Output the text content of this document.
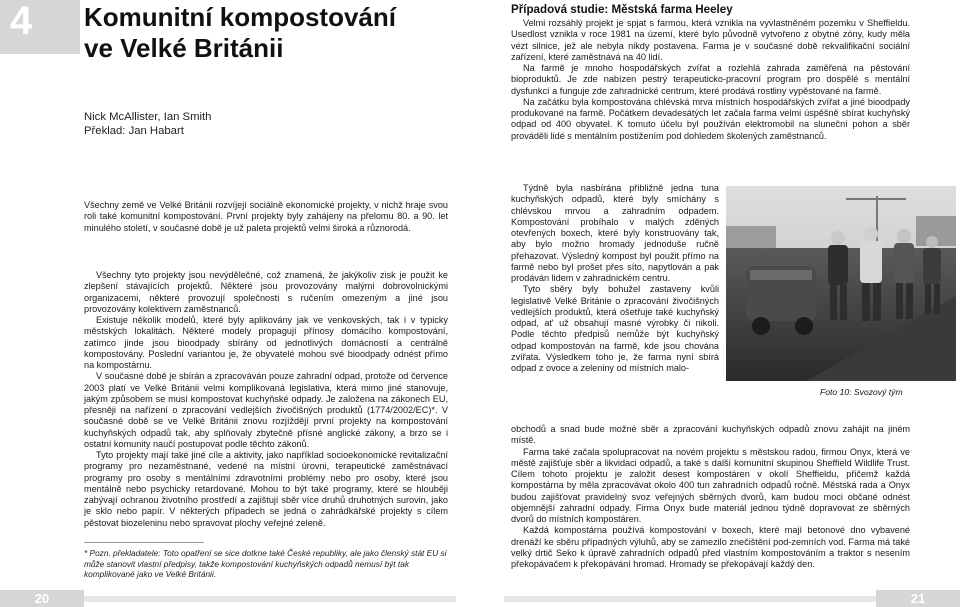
4	Komunitní kompostování
ve Velké Británii
Nick McAllister, Ian Smith
Překlad: Jan Habart

Všechny země ve Velké Británii rozvíjejí sociálně ekonomické projekty, v nichž hraje svou roli také komunitní kompostování. První projekty byly zahájeny na přelomu 80. a 90. let minulého století, v současné době je už paleta projektů velmi široká a různorodá.

Všechny tyto projekty jsou nevýdělečné, což znamená, že jakýkoliv zisk je použit ke zlepšení stávajících projektů. Některé jsou provozovány malými dobrovolnickými organizacemi, některé provozují společnosti s ručením omezeným a jiné jsou provozovány kolektivem zaměstnanců.

Existuje několik modelů, které byly aplikovány jak ve venkovských, tak i v typicky městských lokalitách. Některé modely propagují přínosy domácího kompostování, zatímco jinde jsou bioodpady sbírány od jednotlivých domácností a centrálně kompostovány. Poslední variantou je, že obyvatelé mohou své bioodpady odnést přímo na kompostárnu.

V současné době je sbírán a zpracováván pouze zahradní odpad, protože od července 2003 platí ve Velké Británii velmi komplikovaná legislativa, která mimo jiné stanovuje, jakým způsobem se musí kompostovat kuchyňské odpady. Je založena na zákonech EU, přesněji na nařízení o zpracování vedlejších živočišných produktů (1774/2002/EC)*. V současné době se ve Velké Británii znovu rozjíždějí první projekty na kompostování kuchyňských odpadů tak, aby splňovaly zbytečně přísné anglické zákony, a brzo se i ostatní komunity naučí postupovat podle těchto zákonů.

Tyto projekty mají také jiné cíle a aktivity, jako například socioekonomické revitalizační programy pro nezaměstnané, vedené na místní úrovni, terapeutické zaměstnávací programy pro osoby s mentálními zdravotními problémy nebo pro osoby, které jsou mentálně nebo psychicky retardované. Mohou to být také programy, které se hlouběji zabývají ochranou životního prostředí a zajištují sběr více druhů druhotných surovin, jako je sklo nebo papír. V některých případech se jedná o zahrádkářské projekty s cílem pěstovat biozeleninu nebo spravovat plochy veřejné zeleně.

* Pozn. překladatele: Toto opatření se sice dotkne také České republiky, ale jako členský stát EU si může stanovit vlastní předpisy, takže kompostování kuchyňských odpadů nemusí být tak komplikované jako ve Velké Británii.
Případová studie: Městská farma Heeley

Velmi rozsáhlý projekt je spjat s farmou, která vznikla na vyvlastněném pozemku v Sheffieldu. Usedlost vznikla v roce 1981 na území, které bylo původně vytvořeno z obytné zóny, kudy měla vézt silnice, jež ale nebyla nikdy postavena. Farma je v současné době rekvalifikační sociální zařízení, které zaměstnává na 40 lidí.

Na farmě je mnoho hospodářských zvířat a rozlehlá zahrada zaměřená na pěstování bioproduktů. Je zde nabízen pestrý terapeuticko-pracovní program pro dospělé s mentální dysfunkcí a funguje zde zahradnické centrum, které prodává rostliny vypěstované na farmě.

Na začátku byla kompostována chlévská mrva místních hospodářských zvířat a jiné bioodpady produkované na farmě. Počátkem devadesátých let začala farma velmi úspěšně sbírat kuchyňský odpad od 400 obyvatel. K tomuto účelu byl používán elektromobil na sluneční pohon a sběr prováděli lidé s mentálním postižením pod dohledem školených zaměstnanců.

Týdně byla nasbírána přibližně jedna tuna kuchyňských odpadů, které byly smíchány s chlévskou mrvou a zahradním odpadem. Kompostování probíhalo v malých zděných otevřených boxech, které byly konstruovány tak, aby bylo možno hromady jednoduše ručně přehazovat. Výsledný kompost byl použit přímo na farmě nebo byl prošet přes síto, napytlován a pak prodáván lidem v zahradnickém centru.

Tyto sběry byly bohužel zastaveny kvůli legislativě Velké Británie o zpracování živočišných vedlejších produktů, která ošetřuje také kuchyňský odpad, at' už obsahují masné výrobky či nikoli. Podle těchto předpisů nemůže být kuchyňský odpad kompostován na farmě, kde jsou chována zvířata. Výsledkem toho je, že farma nyní sbírá odpad z ovoce a zeleniny od místních malo-

Foto 10: Svozový tým

obchodů a snad bude možné sběr a zpracování kuchyňských odpadů znovu zahájit na jiném místě.

Farma také začala spolupracovat na novém projektu s městskou radou, firmou Onyx, která ve městě zajišťuje sběr a likvidaci odpadů, a také s další komunitní skupinou Sheffield Wildlife Trust. Cílem tohoto projektu je založit desest kompostáren v okolí Sheffieldu, přičemž každá kompostárna by měla zpracovávat okolo 400 tun zahradních odpadů ročně. Městská rada a Onyx budou zajišťovat pravidelný svoz veřejných sběrných dvorů, kam budou moci občané odnést objemnější zahradní odpady. Firma Onyx bude materiál jednou týdně dopravovat ze sběrných dvorů do místních kompostáren.

Každá kompostárna používá kompostování v boxech, které mají betonové dno vybavené drenáží ke sběru případných výluhů, aby se zamezilo znečištění pod-zemních vod. Farma má také velký drtič Seko k úpravě zahradních odpadů před vlastním kompostováním a traktor s nesením překopávačem k překopávání hromad. Hromady se překopávají každý den.

20	21
